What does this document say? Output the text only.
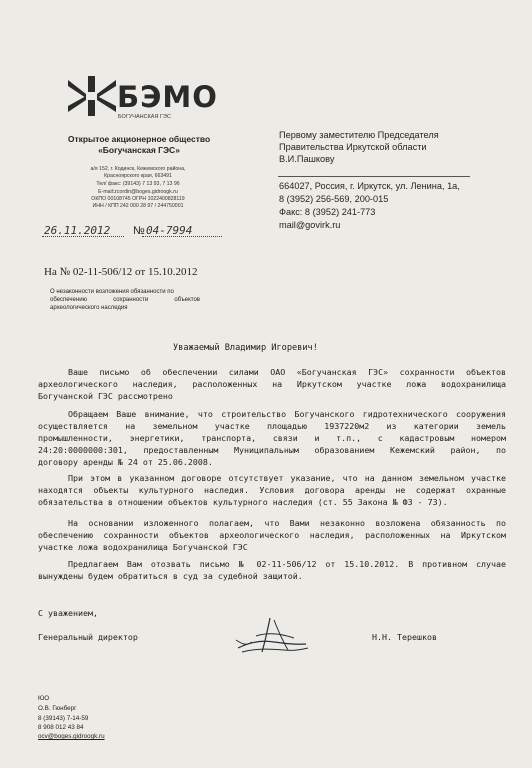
БЭМО
БОГУЧАНСКАЯ ГЭС
Открытое акционерное общество
«Богучанская ГЭС»
а/я 152, г. Кодинск, Кежемского района,
Красноярского края, 663491
Тел/ факс: (39143) 7 13 93, 7 13 96
E-mail:zcordin@boges.gidroogk.ru
ОКПО 00108745 ОГРН 1022400828119
ИНН / КПП 242 000 28 97 / 244750001
26.11.2012 № 04-7994
На № 02-11-506/12 от 15.10.2012
О незаконности возложения обязанности по
обеспечению сохранности объектов
археологического наследия
Первому заместителю Председателя
Правительства Иркутской области
В.И.Пашкову
664027, Россия, г. Иркутск, ул. Ленина, 1а,
8 (3952) 256-569, 200-015
Факс: 8 (3952) 241-773
mail@govirk.ru
Уважаемый Владимир Игоревич!
Ваше письмо об обеспечении силами ОАО «Богучанская ГЭС» сохранности объектов
археологического наследия, расположенных на Иркутском участке ложа водохранилища
Богучанской ГЭС рассмотрено
Обращаем Ваше внимание, что строительство Богучанского гидротехнического сооружения
осуществляется на земельном участке площадью 1937220м2 из категории земель
промышленности, энергетики, транспорта, связи и т.п., с кадастровым номером
24:20:0000000:301, предоставленным Муниципальным образованием Кежемский район, по
договору аренды № 24 от 25.06.2008.
При этом в указанном договоре отсутствует указание, что на данном земельном участке
находятся объекты культурного наследия. Условия договора аренды не содержат охранные
обязательства в отношении объектов культурного наследия (ст. 55 Закона № ФЗ - 73).
На основании изложенного полагаем, что Вами незаконно возложена обязанность по
обеспечению сохранности объектов археологического наследия, расположенных на Иркутском
участке ложа водохранилища Богучанской ГЭС
Предлагаем Вам отозвать письмо № 02-11-506/12 от 15.10.2012. В противном случае
вынуждены будем обратиться в суд за судебной защитой.
С уважением,
Генеральный директор	Н.Н. Терешков
ЮО
О.В. Гюнберг
8 (39143) 7-14-59
8 908 012 43 84
ocv@boges.gidroogk.ru
